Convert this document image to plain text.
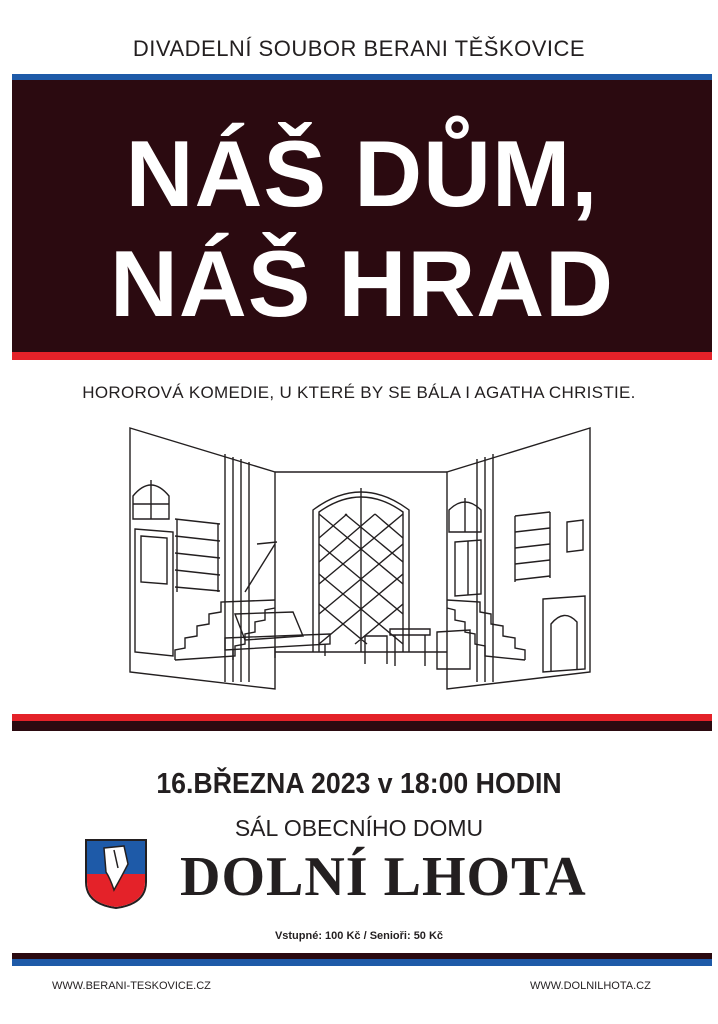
DIVADELNÍ SOUBOR BERANI TĚŠKOVICE
NÁŠ DŮM,
NÁŠ HRAD
HOROROVÁ KOMEDIE, U KTERÉ BY SE BÁLA I AGATHA CHRISTIE.
16.BŘEZNA 2023 v 18:00 HODIN
SÁL OBECNÍHO DOMU
DOLNÍ LHOTA
Vstupné: 100 Kč / Senioři: 50 Kč
WWW.BERANI-TESKOVICE.CZ	WWW.DOLNILHOTA.CZ
